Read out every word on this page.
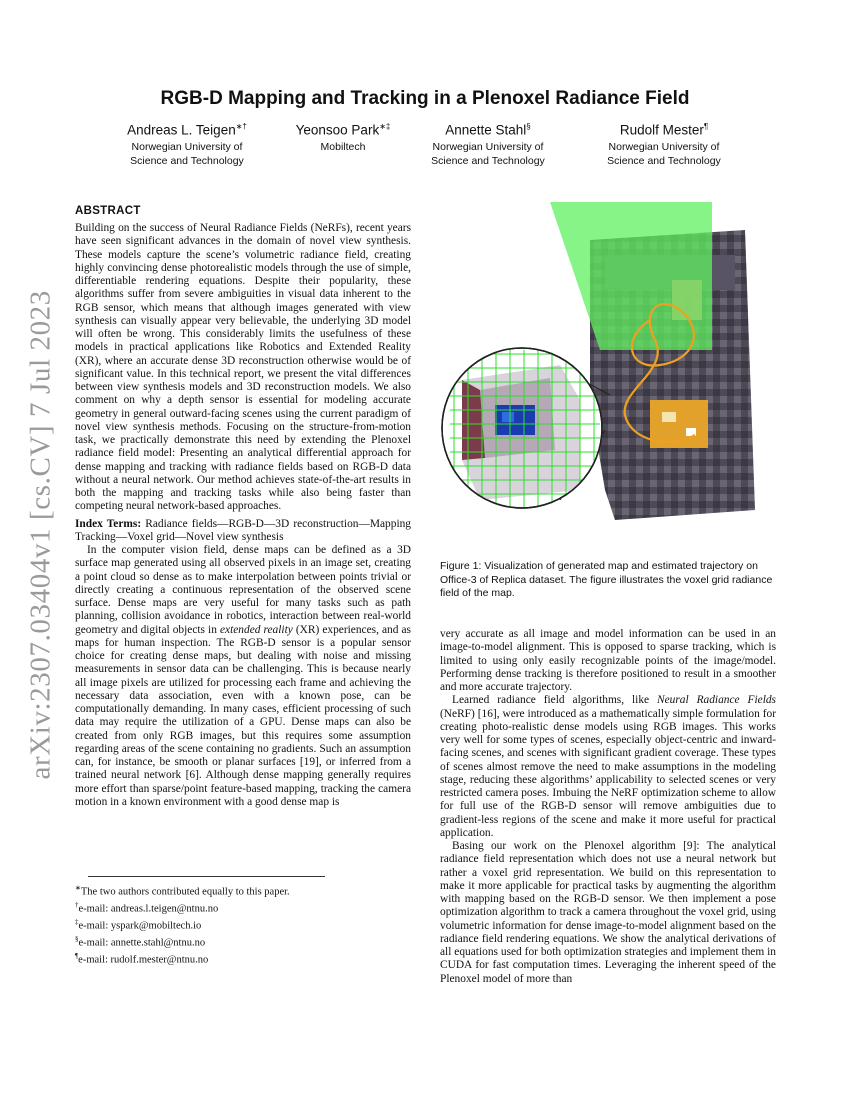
arXiv:2307.03404v1 [cs.CV] 7 Jul 2023
RGB-D Mapping and Tracking in a Plenoxel Radiance Field
Andreas L. Teigen∗†
Norwegian University of
Science and Technology
Yeonsoo Park∗‡
Mobiltech
Annette Stahl§
Norwegian University of
Science and Technology
Rudolf Mester¶
Norwegian University of
Science and Technology
ABSTRACT

Building on the success of Neural Radiance Fields (NeRFs), recent years have seen significant advances in the domain of novel view synthesis. These models capture the scene’s volumetric radiance field, creating highly convincing dense photorealistic models through the use of simple, differentiable rendering equations. Despite their popularity, these algorithms suffer from severe ambiguities in visual data inherent to the RGB sensor, which means that although images generated with view synthesis can visually appear very believable, the underlying 3D model will often be wrong. This considerably limits the usefulness of these models in practical applications like Robotics and Extended Reality (XR), where an accurate dense 3D reconstruction otherwise would be of significant value. In this technical report, we present the vital differences between view synthesis models and 3D reconstruction models. We also comment on why a depth sensor is essential for modeling accurate geometry in general outward-facing scenes using the current paradigm of novel view synthesis methods. Focusing on the structure-from-motion task, we practically demonstrate this need by extending the Plenoxel radiance field model: Presenting an analytical differential approach for dense mapping and tracking with radiance fields based on RGB-D data without a neural network. Our method achieves state-of-the-art results in both the mapping and tracking tasks while also being faster than competing neural network-based approaches.

Index Terms: Radiance fields—RGB-D—3D reconstruction—Mapping Tracking—Voxel grid—Novel view synthesis

In the computer vision field, dense maps can be defined as a 3D surface map generated using all observed pixels in an image set, creating a point cloud so dense as to make interpolation between points trivial or directly creating a continuous representation of the observed scene surface. Dense maps are very useful for many tasks such as path planning, collision avoidance in robotics, interaction between real-world geometry and digital objects in extended reality (XR) experiences, and as maps for human inspection. The RGB-D sensor is a popular sensor choice for creating dense maps, but dealing with noise and missing measurements in sensor data can be challenging. This is because nearly all image pixels are utilized for processing each frame and achieving the necessary data association, even with a known pose, can be computationally demanding. In many cases, efficient processing of such data may require the utilization of a GPU. Dense maps can also be created from only RGB images, but this requires some assumption regarding areas of the scene containing no gradients. Such an assumption can, for instance, be smooth or planar surfaces [19], or inferred from a trained neural network [6]. Although dense mapping generally requires more effort than sparse/point feature-based mapping, tracking the camera motion in a known environment with a good dense map is

∗The two authors contributed equally to this paper.
†e-mail: andreas.l.teigen@ntnu.no
‡e-mail: yspark@mobiltech.io
§e-mail: annette.stahl@ntnu.no
¶e-mail: rudolf.mester@ntnu.no
Figure 1: Visualization of generated map and estimated trajectory on Office-3 of Replica dataset. The figure illustrates the voxel grid radiance field of the map.

very accurate as all image and model information can be used in an image-to-model alignment. This is opposed to sparse tracking, which is limited to using only easily recognizable points of the image/model. Performing dense tracking is therefore positioned to result in a smoother and more accurate trajectory.

Learned radiance field algorithms, like Neural Radiance Fields (NeRF) [16], were introduced as a mathematically simple formulation for creating photo-realistic dense models using RGB images. This works very well for some types of scenes, especially object-centric and inward-facing scenes, and scenes with significant gradient coverage. These types of scenes almost remove the need to make assumptions in the modeling stage, reducing these algorithms’ applicability to selected scenes or very restricted camera poses. Imbuing the NeRF optimization scheme to allow for full use of the RGB-D sensor will remove ambiguities due to gradient-less regions of the scene and make it more useful for practical application.

Basing our work on the Plenoxel algorithm [9]: The analytical radiance field representation which does not use a neural network but rather a voxel grid representation. We build on this representation to make it more applicable for practical tasks by augmenting the algorithm with mapping based on the RGB-D sensor. We then implement a pose optimization algorithm to track a camera throughout the voxel grid, using volumetric information for dense image-to-model alignment based on the radiance field rendering equations. We show the analytical derivations of all equations used for both optimization strategies and implement them in CUDA for fast computation times. Leveraging the inherent speed of the Plenoxel model of more than
